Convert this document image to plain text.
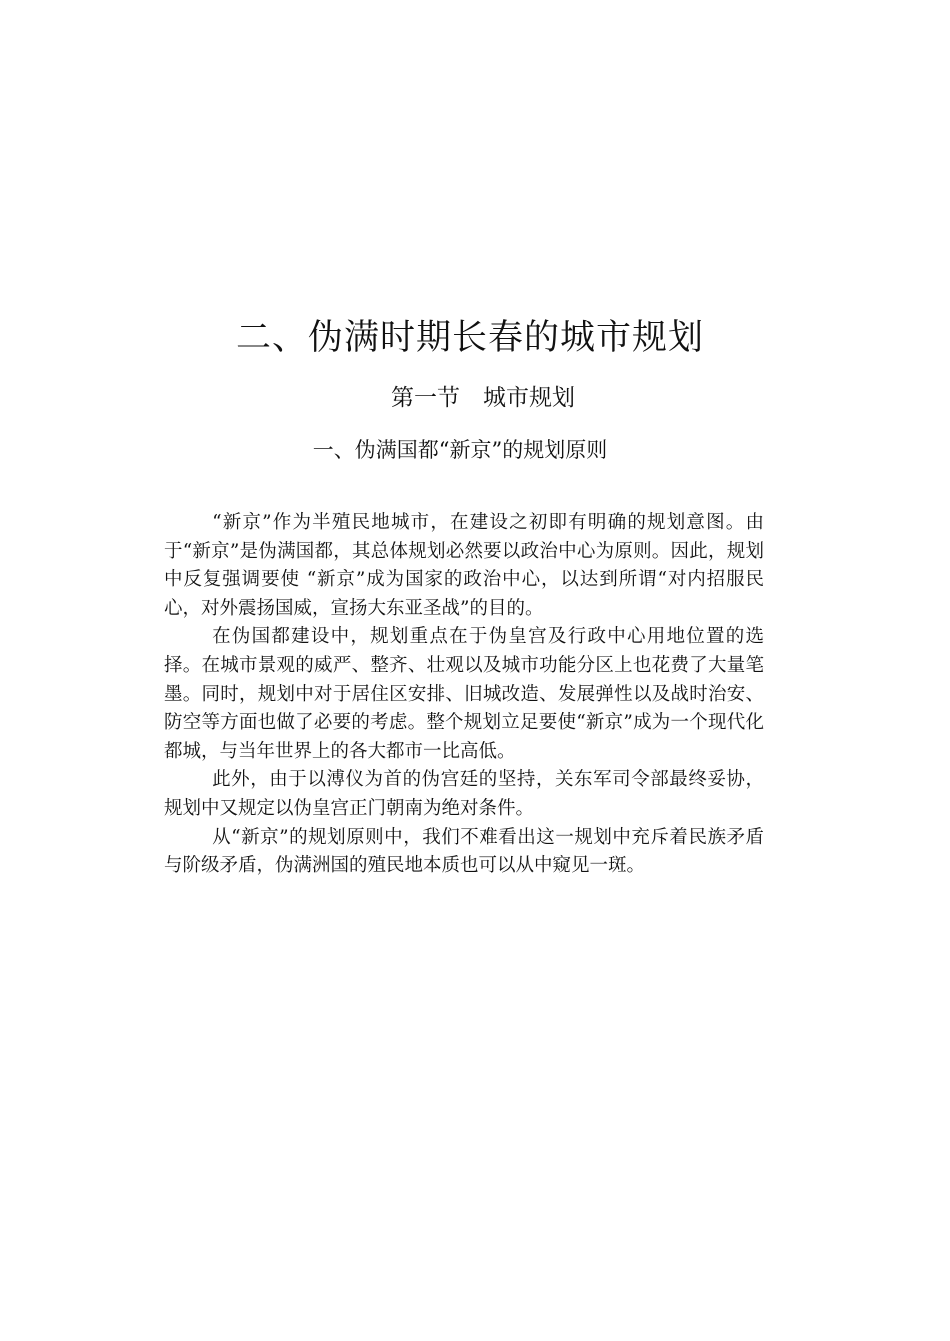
二、伪满时期长春的城市规划
第一节　城市规划
一、伪满国都“新京”的规划原则

“新京”作为半殖民地城市，在建设之初即有明确的规划意图。由于“新京”是伪满国都，其总体规划必然要以政治中心为原则。因此，规划中反复强调要使 “新京”成为国家的政治中心，以达到所谓“对内招服民心，对外震扬国威，宣扬大东亚圣战”的目的。

在伪国都建设中，规划重点在于伪皇宫及行政中心用地位置的选择。在城市景观的威严、整齐、壮观以及城市功能分区上也花费了大量笔墨。同时，规划中对于居住区安排、旧城改造、发展弹性以及战时治安、防空等方面也做了必要的考虑。整个规划立足要使“新京”成为一个现代化都城，与当年世界上的各大都市一比高低。

此外，由于以溥仪为首的伪宫廷的坚持，关东军司令部最终妥协，规划中又规定以伪皇宫正门朝南为绝对条件。

从“新京”的规划原则中，我们不难看出这一规划中充斥着民族矛盾与阶级矛盾，伪满洲国的殖民地本质也可以从中窥见一斑。
